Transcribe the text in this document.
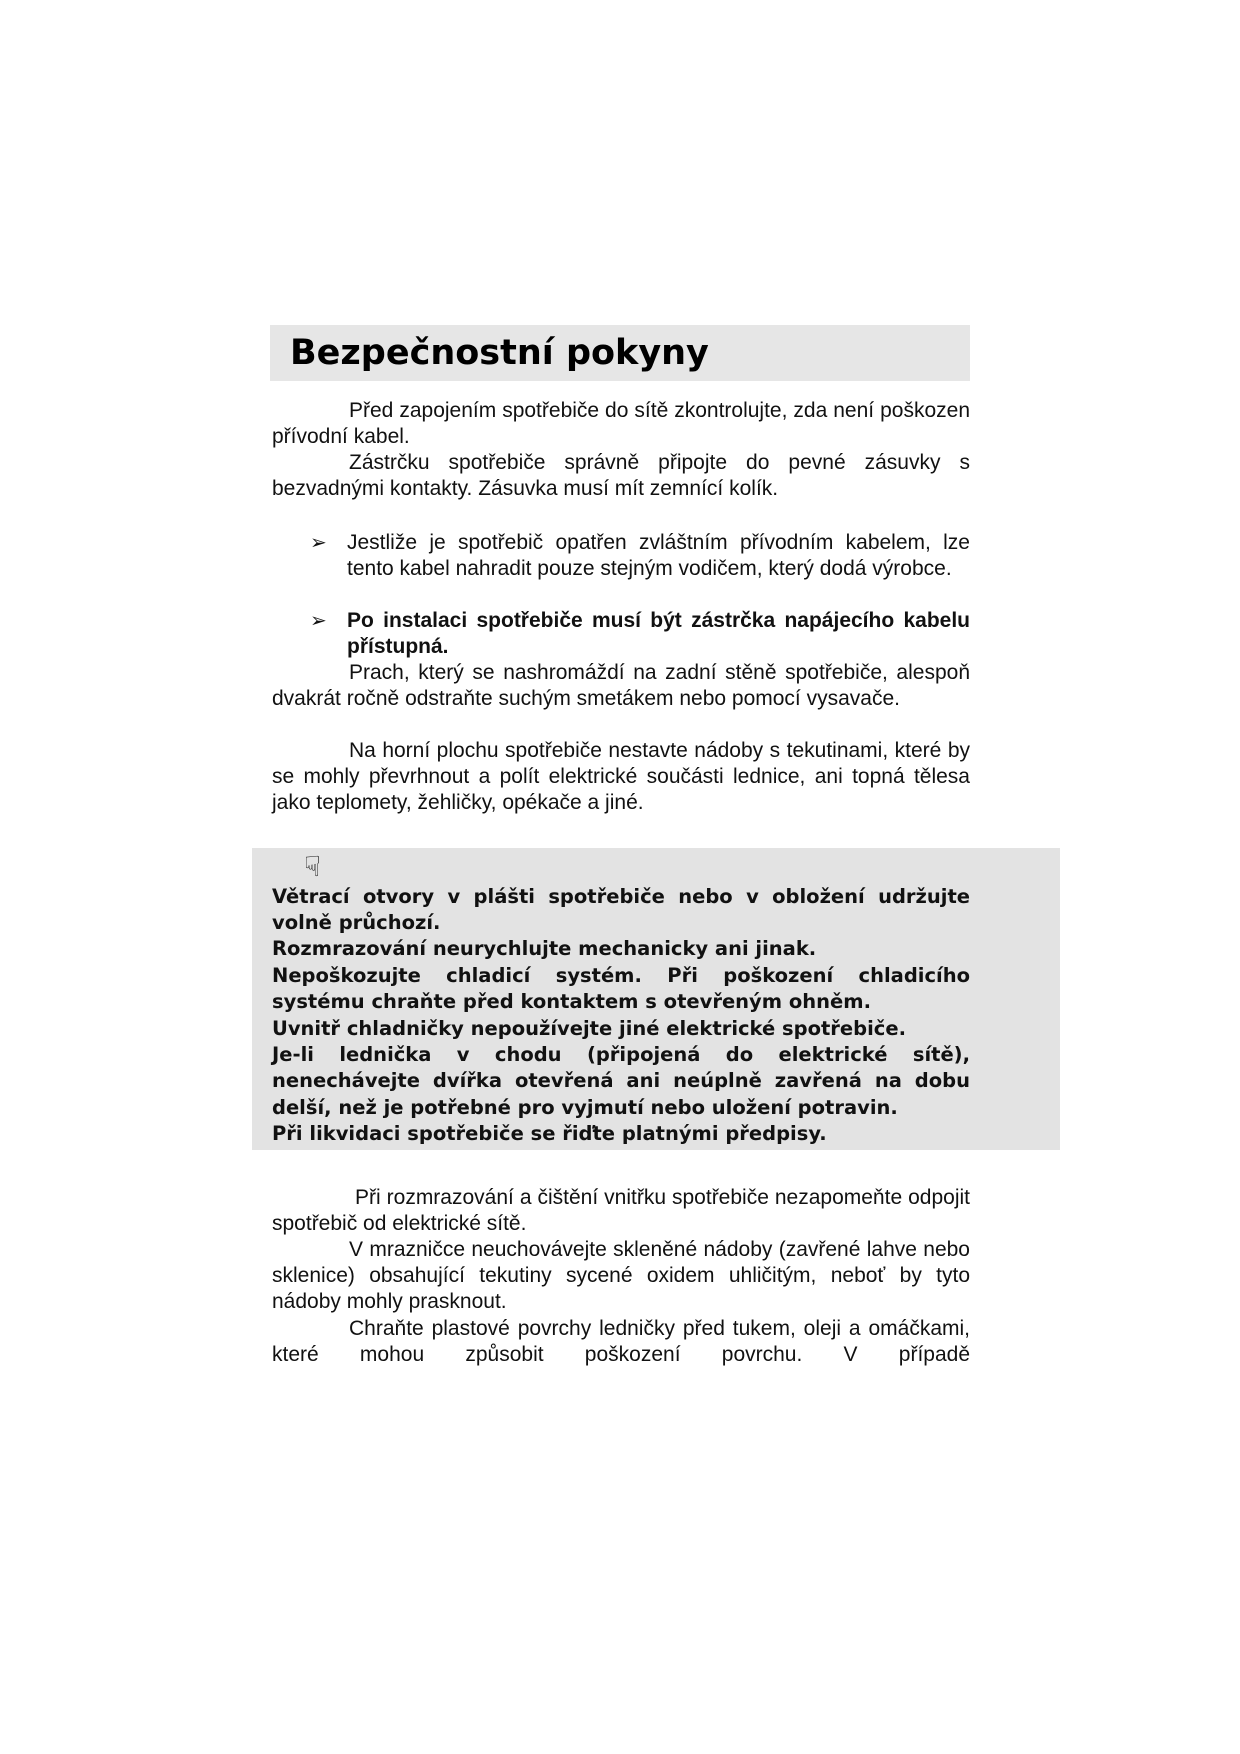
Bezpečnostní pokyny

Před zapojením spotřebiče do sítě zkontrolujte, zda není poškozen přívodní kabel.

Zástrčku spotřebiče správně připojte do pevné zásuvky s bezvadnými kontakty. Zásuvka musí mít zemnící kolík.

➢ Jestliže je spotřebič opatřen zvláštním přívodním kabelem, lze tento kabel nahradit pouze stejným vodičem, který dodá výrobce.
➢ Po instalaci spotřebiče musí být zástrčka napájecího kabelu přístupná.

Prach, který se nashromáždí na zadní stěně spotřebiče, alespoň dvakrát ročně odstraňte suchým smetákem nebo pomocí vysavače.

Na horní plochu spotřebiče nestavte nádoby s tekutinami, které by se mohly převrhnout a polít elektrické součásti lednice, ani topná tělesa jako teplomety, žehličky, opékače a jiné.

☟

Větrací otvory v plášti spotřebiče nebo v obložení udržujte

volně průchozí.

Rozmrazování neurychlujte mechanicky ani jinak.

Nepoškozujte chladicí systém. Při poškození chladicího

systému chraňte před kontaktem s otevřeným ohněm.

Uvnitř chladničky nepoužívejte jiné elektrické spotřebiče.

Je-li lednička v chodu (připojená do elektrické sítě),

nenechávejte dvířka otevřená ani neúplně zavřená na dobu

delší, než je potřebné pro vyjmutí nebo uložení potravin.

Při likvidaci spotřebiče se řiďte platnými předpisy.

Při rozmrazování a čištění vnitřku spotřebiče nezapomeňte odpojit spotřebič od elektrické sítě.

V mrazničce neuchovávejte skleněné nádoby (zavřené lahve nebo sklenice) obsahující tekutiny sycené oxidem uhličitým, neboť by tyto nádoby mohly prasknout.

Chraňte plastové povrchy ledničky před tukem, oleji a omáčkami, které mohou způsobit poškození povrchu. V případě
